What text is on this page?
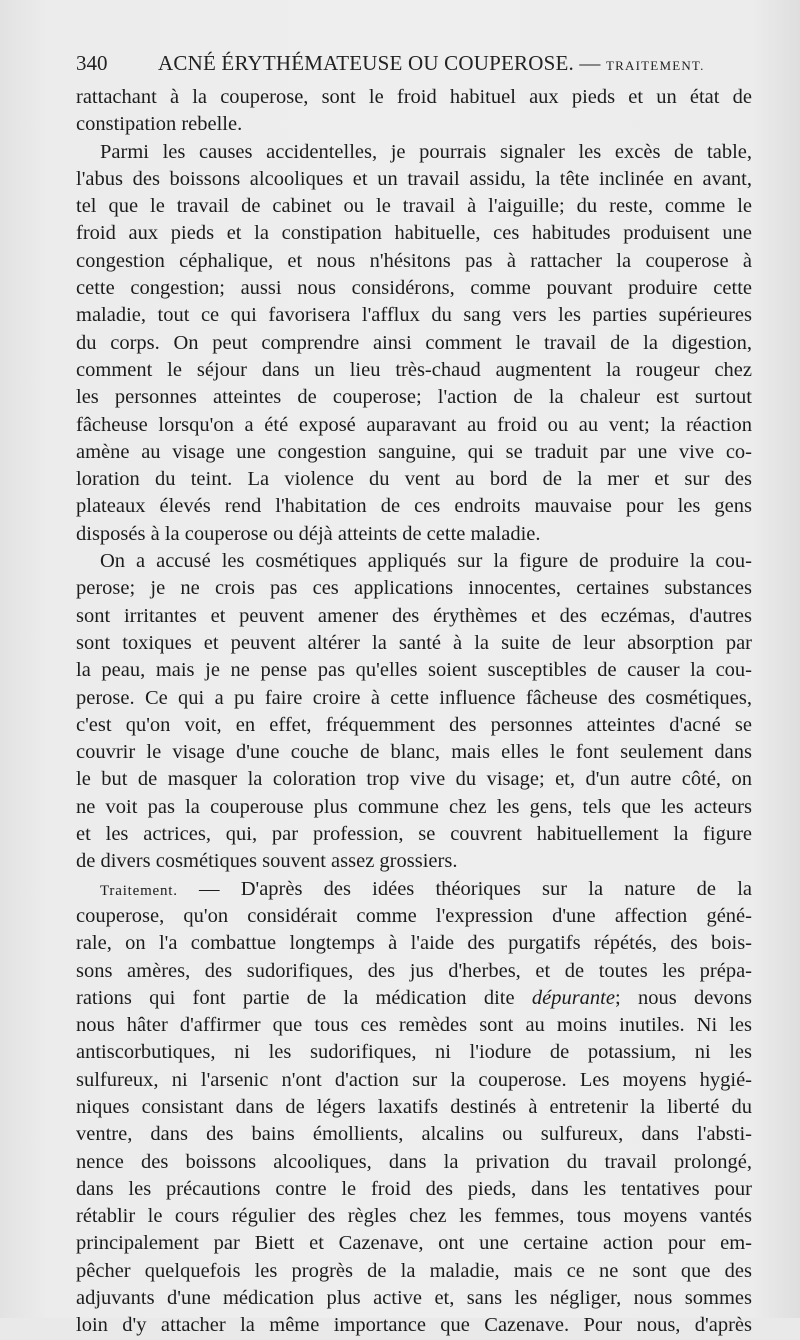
340 ACNÉ ÉRYTHÉMATEUSE OU COUPEROSE. — TRAITEMENT.
rattachant à la couperose, sont le froid habituel aux pieds et un état de
constipation rebelle.
Parmi les causes accidentelles, je pourrais signaler les excès de table,
l'abus des boissons alcooliques et un travail assidu, la tête inclinée en avant,
tel que le travail de cabinet ou le travail à l'aiguille; du reste, comme le
froid aux pieds et la constipation habituelle, ces habitudes produisent une
congestion céphalique, et nous n'hésitons pas à rattacher la couperose à
cette congestion; aussi nous considérons, comme pouvant produire cette
maladie, tout ce qui favorisera l'afflux du sang vers les parties supérieures
du corps. On peut comprendre ainsi comment le travail de la digestion,
comment le séjour dans un lieu très-chaud augmentent la rougeur chez
les personnes atteintes de couperose; l'action de la chaleur est surtout
fâcheuse lorsqu'on a été exposé auparavant au froid ou au vent; la réaction
amène au visage une congestion sanguine, qui se traduit par une vive co-
loration du teint. La violence du vent au bord de la mer et sur des
plateaux élevés rend l'habitation de ces endroits mauvaise pour les gens
disposés à la couperose ou déjà atteints de cette maladie.
On a accusé les cosmétiques appliqués sur la figure de produire la cou-
perose; je ne crois pas ces applications innocentes, certaines substances
sont irritantes et peuvent amener des érythèmes et des eczémas, d'autres
sont toxiques et peuvent altérer la santé à la suite de leur absorption par
la peau, mais je ne pense pas qu'elles soient susceptibles de causer la cou-
perose. Ce qui a pu faire croire à cette influence fâcheuse des cosmétiques,
c'est qu'on voit, en effet, fréquemment des personnes atteintes d'acné se
couvrir le visage d'une couche de blanc, mais elles le font seulement dans
le but de masquer la coloration trop vive du visage; et, d'un autre côté, on
ne voit pas la couperouse plus commune chez les gens, tels que les acteurs
et les actrices, qui, par profession, se couvrent habituellement la figure
de divers cosmétiques souvent assez grossiers.
Traitement. — D'après des idées théoriques sur la nature de la
couperose, qu'on considérait comme l'expression d'une affection géné-
rale, on l'a combattue longtemps à l'aide des purgatifs répétés, des bois-
sons amères, des sudorifiques, des jus d'herbes, et de toutes les prépa-
rations qui font partie de la médication dite dépurante; nous devons
nous hâter d'affirmer que tous ces remèdes sont au moins inutiles. Ni les
antiscorbutiques, ni les sudorifiques, ni l'iodure de potassium, ni les
sulfureux, ni l'arsenic n'ont d'action sur la couperose. Les moyens hygié-
niques consistant dans de légers laxatifs destinés à entretenir la liberté du
ventre, dans des bains émollients, alcalins ou sulfureux, dans l'absti-
nence des boissons alcooliques, dans la privation du travail prolongé,
dans les précautions contre le froid des pieds, dans les tentatives pour
rétablir le cours régulier des règles chez les femmes, tous moyens vantés
principalement par Biett et Cazenave, ont une certaine action pour em-
pêcher quelquefois les progrès de la maladie, mais ce ne sont que des
adjuvants d'une médication plus active et, sans les négliger, nous sommes
loin d'y attacher la même importance que Cazenave. Pour nous, d'après
